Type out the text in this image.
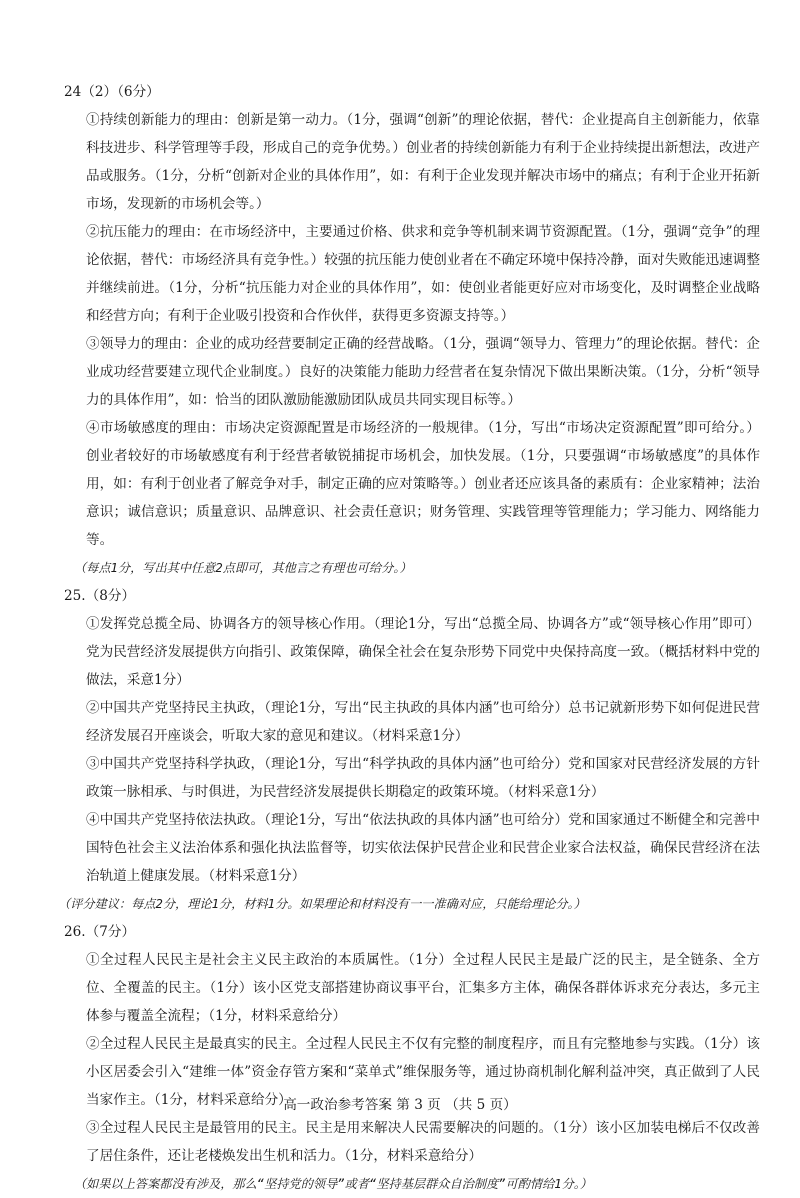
24（2）（6分）

①持续创新能力的理由：创新是第一动力。（1分，强调“创新”的理论依据，替代：企业提高自主创新能力，依靠科技进步、科学管理等手段，形成自己的竞争优势。）创业者的持续创新能力有利于企业持续提出新想法，改进产品或服务。（1分，分析“创新对企业的具体作用”，如：有利于企业发现并解决市场中的痛点；有利于企业开拓新市场，发现新的市场机会等。）

②抗压能力的理由：在市场经济中，主要通过价格、供求和竞争等机制来调节资源配置。（1分，强调“竞争”的理论依据，替代：市场经济具有竞争性。）较强的抗压能力使创业者在不确定环境中保持冷静，面对失败能迅速调整并继续前进。（1分，分析“抗压能力对企业的具体作用”，如：使创业者能更好应对市场变化，及时调整企业战略和经营方向；有利于企业吸引投资和合作伙伴，获得更多资源支持等。）

③领导力的理由：企业的成功经营要制定正确的经营战略。（1分，强调“领导力、管理力”的理论依据。替代：企业成功经营要建立现代企业制度。）良好的决策能力能助力经营者在复杂情况下做出果断决策。（1分，分析“领导力的具体作用”，如：恰当的团队激励能激励团队成员共同实现目标等。）

④市场敏感度的理由：市场决定资源配置是市场经济的一般规律。（1分，写出“市场决定资源配置”即可给分。）创业者较好的市场敏感度有利于经营者敏锐捕捉市场机会，加快发展。（1分，只要强调“市场敏感度”的具体作用，如：有利于创业者了解竞争对手，制定正确的应对策略等。）创业者还应该具备的素质有：企业家精神；法治意识；诚信意识；质量意识、品牌意识、社会责任意识；财务管理、实践管理等管理能力；学习能力、网络能力等。

（每点1分，写出其中任意2点即可，其他言之有理也可给分。）

25.（8分）

①发挥党总揽全局、协调各方的领导核心作用。（理论1分，写出“总揽全局、协调各方”或“领导核心作用”即可）党为民营经济发展提供方向指引、政策保障，确保全社会在复杂形势下同党中央保持高度一致。（概括材料中党的做法，采意1分）

②中国共产党坚持民主执政，（理论1分，写出“民主执政的具体内涵”也可给分）总书记就新形势下如何促进民营经济发展召开座谈会，听取大家的意见和建议。（材料采意1分）

③中国共产党坚持科学执政，（理论1分，写出“科学执政的具体内涵”也可给分）党和国家对民营经济发展的方针政策一脉相承、与时俱进，为民营经济发展提供长期稳定的政策环境。（材料采意1分）

④中国共产党坚持依法执政。（理论1分，写出“依法执政的具体内涵”也可给分）党和国家通过不断健全和完善中国特色社会主义法治体系和强化执法监督等，切实依法保护民营企业和民营企业家合法权益，确保民营经济在法治轨道上健康发展。（材料采意1分）

（评分建议：每点2分，理论1分，材料1分。如果理论和材料没有一一准确对应，只能给理论分。）

26.（7分）

①全过程人民民主是社会主义民主政治的本质属性。（1分）全过程人民民主是最广泛的民主，是全链条、全方位、全覆盖的民主。（1分）该小区党支部搭建协商议事平台，汇集多方主体，确保各群体诉求充分表达，多元主体参与覆盖全流程；（1分，材料采意给分）

②全过程人民民主是最真实的民主。全过程人民民主不仅有完整的制度程序，而且有完整地参与实践。（1分）该小区居委会引入“建维一体”资金存管方案和“菜单式”维保服务等，通过协商机制化解利益冲突，真正做到了人民当家作主。（1分，材料采意给分）

③全过程人民民主是最管用的民主。民主是用来解决人民需要解决的问题的。（1分）该小区加装电梯后不仅改善了居住条件，还让老楼焕发出生机和活力。（1分，材料采意给分）

（如果以上答案都没有涉及，那么“坚持党的领导”或者“坚持基层群众自治制度”可酌情给1分。）

高一政治参考答案 第 3 页 （共 5 页）
